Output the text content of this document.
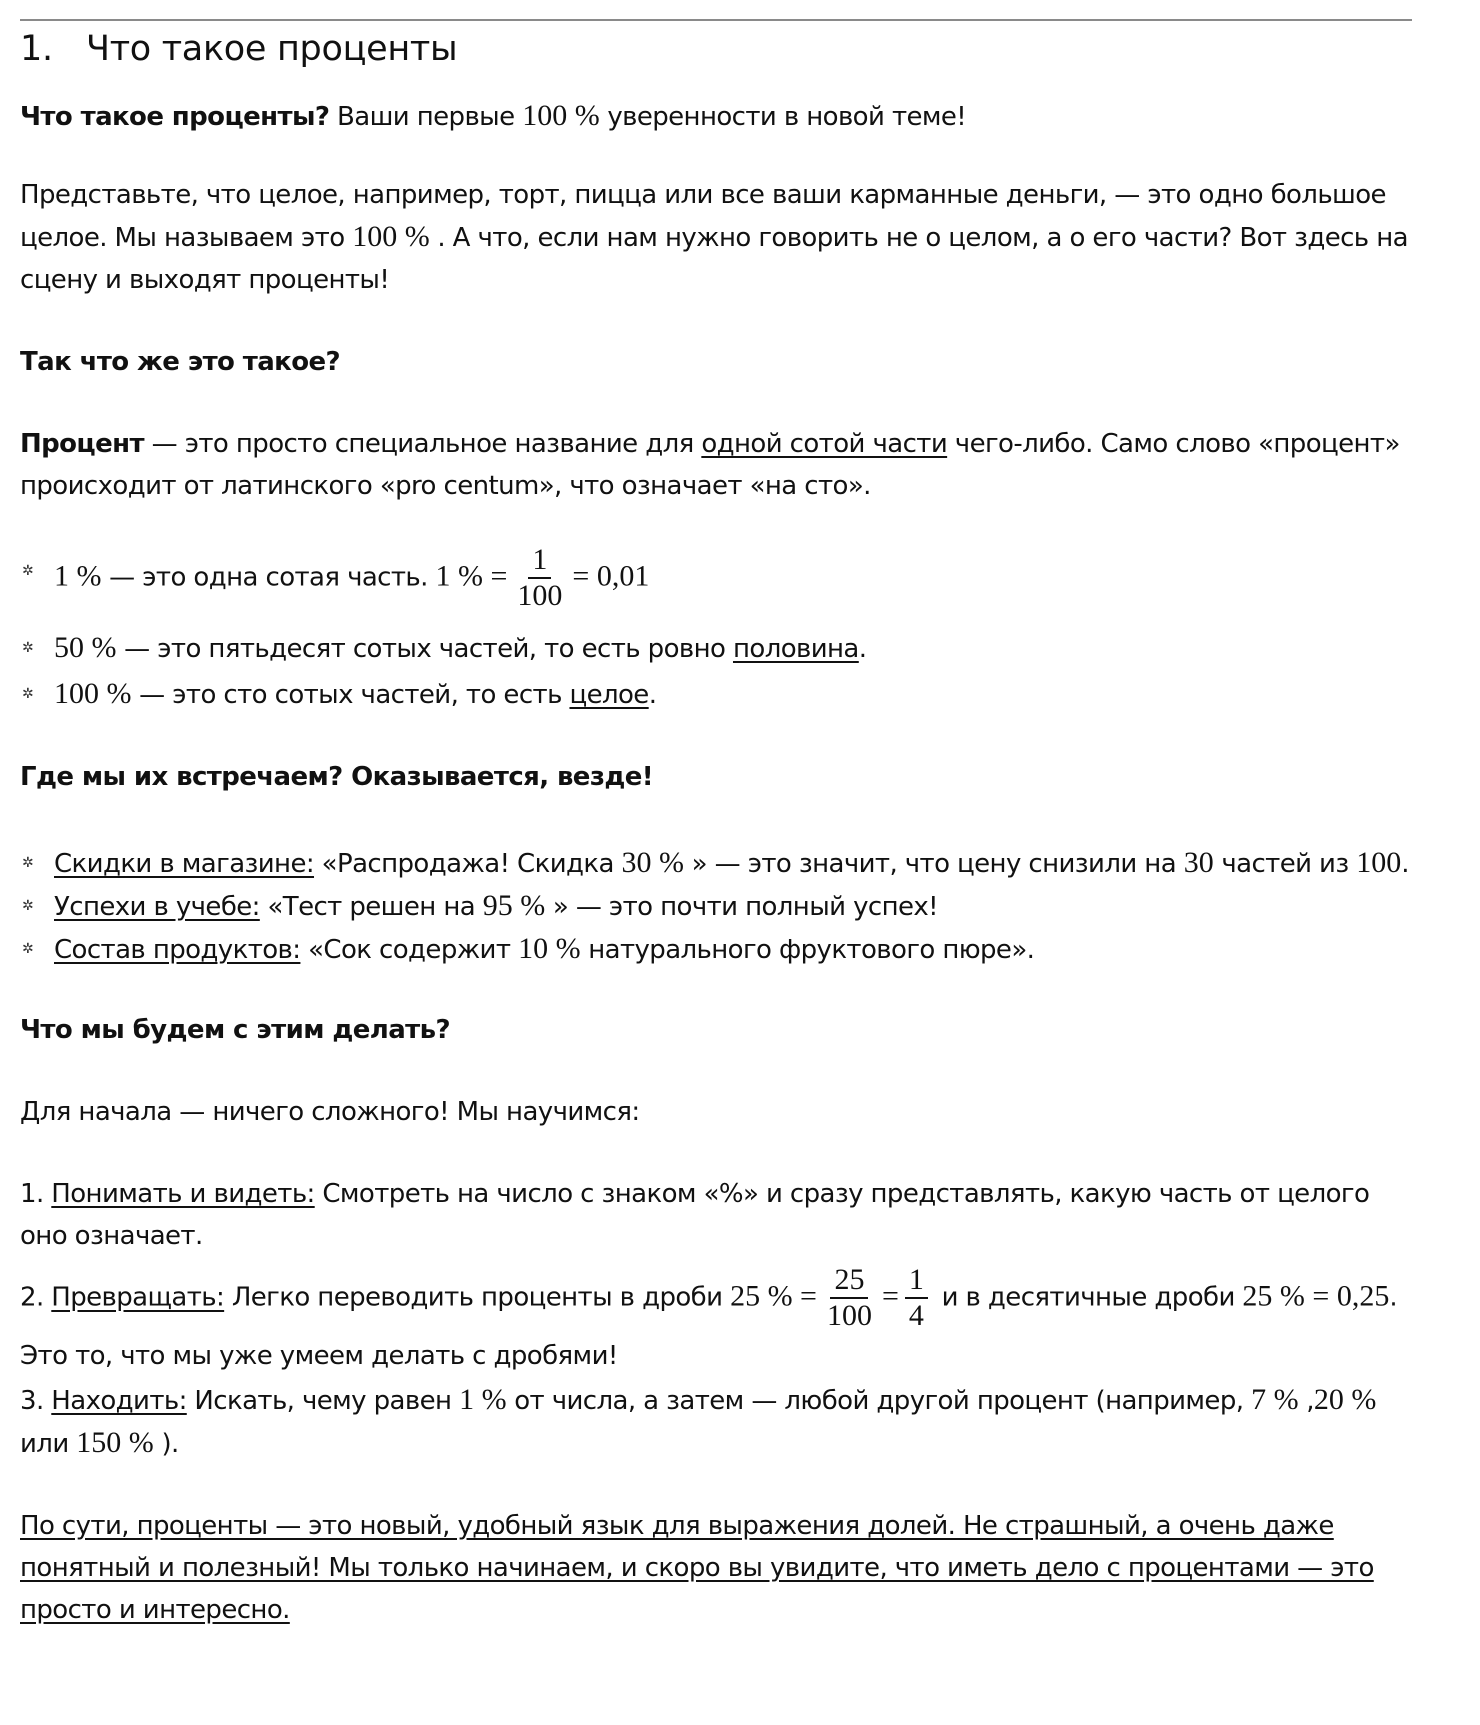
1. Что такое проценты

Что такое проценты? Ваши первые 100 % уверенности в новой теме!

Представьте, что целое, например, торт, пицца или все ваши карманные деньги, — это одно большое целое. Мы называем это 100 % . А что, если нам нужно говорить не о целом, а о его части? Вот здесь на сцену и выходят проценты!

Так что же это такое?

Процент — это просто специальное название для одной сотой части чего-либо. Само слово «процент» происходит от латинского «pro centum», что означает «на сто».

✲ 1 % — это одна сотая часть. 1 % = $\frac{1}{100} = 0,01$

✲ 50 % — это пятьдесят сотых частей, то есть ровно половина.

✲ 100 % — это сто сотых частей, то есть целое.

Где мы их встречаем? Оказывается, везде!

✲ Скидки в магазине: «Распродажа! Скидка 30 % » — это значит, что цену снизили на 30 частей из 100.

✲ Успехи в учебе: «Тест решен на 95 % » — это почти полный успех!

✲ Состав продуктов: «Сок содержит 10 % натурального фруктового пюре».

Что мы будем с этим делать?

Для начала — ничего сложного! Мы научимся:

1. Понимать и видеть: Смотреть на число с знаком «%» и сразу представлять, какую часть от целого оно означает.

2. Превращать: Легко переводить проценты в дроби 25 % = $\frac{25}{100} = \frac{1}{4}$ и в десятичные дроби 25 % = 0,25. Это то, что мы уже умеем делать с дробями!

3. Находить: Искать, чему равен 1 % от числа, а затем — любой другой процент (например, 7 % ,20 % или 150 % ).

По сути, проценты — это новый, удобный язык для выражения долей. Не страшный, а очень даже понятный и полезный! Мы только начинаем, и скоро вы увидите, что иметь дело с процентами — это просто и интересно.
